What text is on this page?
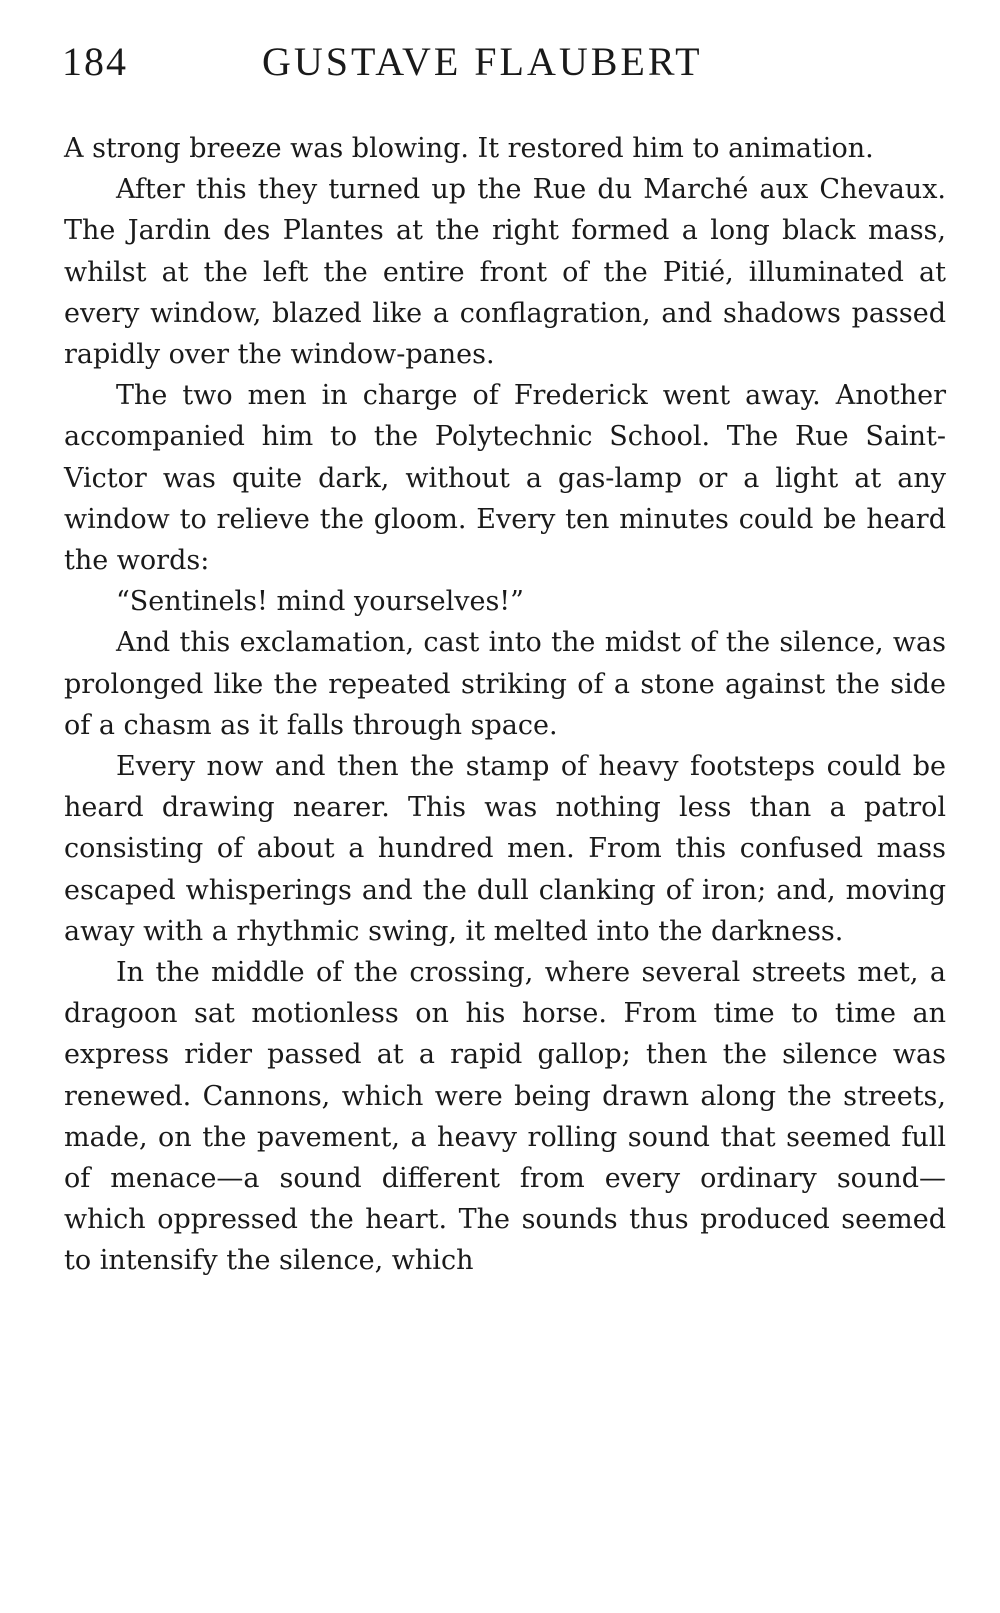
184	GUSTAVE FLAUBERT

A strong breeze was blowing. It restored him to animation.

After this they turned up the Rue du Marché aux Chevaux. The Jardin des Plantes at the right formed a long black mass, whilst at the left the entire front of the Pitié, illuminated at every window, blazed like a conflagration, and shadows passed rapidly over the window-panes.

The two men in charge of Frederick went away. Another accompanied him to the Polytechnic School. The Rue Saint-Victor was quite dark, without a gas-lamp or a light at any window to relieve the gloom. Every ten minutes could be heard the words:

“Sentinels! mind yourselves!”

And this exclamation, cast into the midst of the silence, was prolonged like the repeated striking of a stone against the side of a chasm as it falls through space.

Every now and then the stamp of heavy footsteps could be heard drawing nearer. This was nothing less than a patrol consisting of about a hundred men. From this confused mass escaped whisperings and the dull clanking of iron; and, moving away with a rhythmic swing, it melted into the darkness.

In the middle of the crossing, where several streets met, a dragoon sat motionless on his horse. From time to time an express rider passed at a rapid gallop; then the silence was renewed. Cannons, which were being drawn along the streets, made, on the pavement, a heavy rolling sound that seemed full of menace—a sound different from every ordinary sound—which oppressed the heart. The sounds thus produced seemed to intensify the silence, which
